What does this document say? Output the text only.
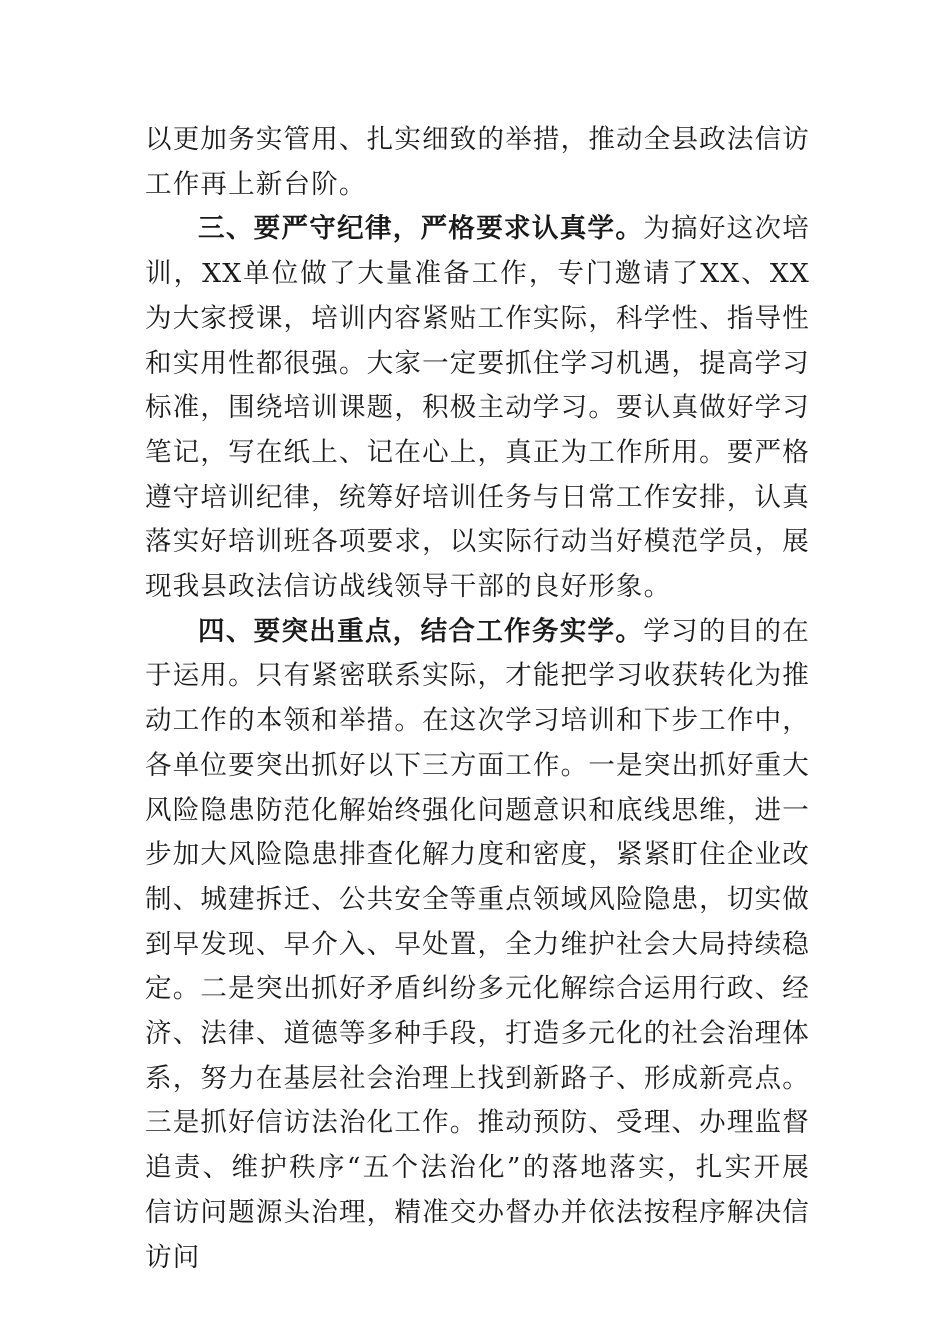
以更加务实管用、扎实细致的举措，推动全县政法信访工作再上新台阶。

三、要严守纪律，严格要求认真学。为搞好这次培训，XX单位做了大量准备工作，专门邀请了XX、XX为大家授课，培训内容紧贴工作实际，科学性、指导性和实用性都很强。大家一定要抓住学习机遇，提高学习标准，围绕培训课题，积极主动学习。要认真做好学习笔记，写在纸上、记在心上，真正为工作所用。要严格遵守培训纪律，统筹好培训任务与日常工作安排，认真落实好培训班各项要求，以实际行动当好模范学员，展现我县政法信访战线领导干部的良好形象。

四、要突出重点，结合工作务实学。学习的目的在于运用。只有紧密联系实际，才能把学习收获转化为推动工作的本领和举措。在这次学习培训和下步工作中，各单位要突出抓好以下三方面工作。一是突出抓好重大风险隐患防范化解始终强化问题意识和底线思维，进一步加大风险隐患排查化解力度和密度，紧紧盯住企业改制、城建拆迁、公共安全等重点领域风险隐患，切实做到早发现、早介入、早处置，全力维护社会大局持续稳定。二是突出抓好矛盾纠纷多元化解综合运用行政、经济、法律、道德等多种手段，打造多元化的社会治理体系，努力在基层社会治理上找到新路子、形成新亮点。三是抓好信访法治化工作。推动预防、受理、办理监督追责、维护秩序“五个法治化”的落地落实，扎实开展信访问题源头治理，精准交办督办并依法按程序解决信访问
